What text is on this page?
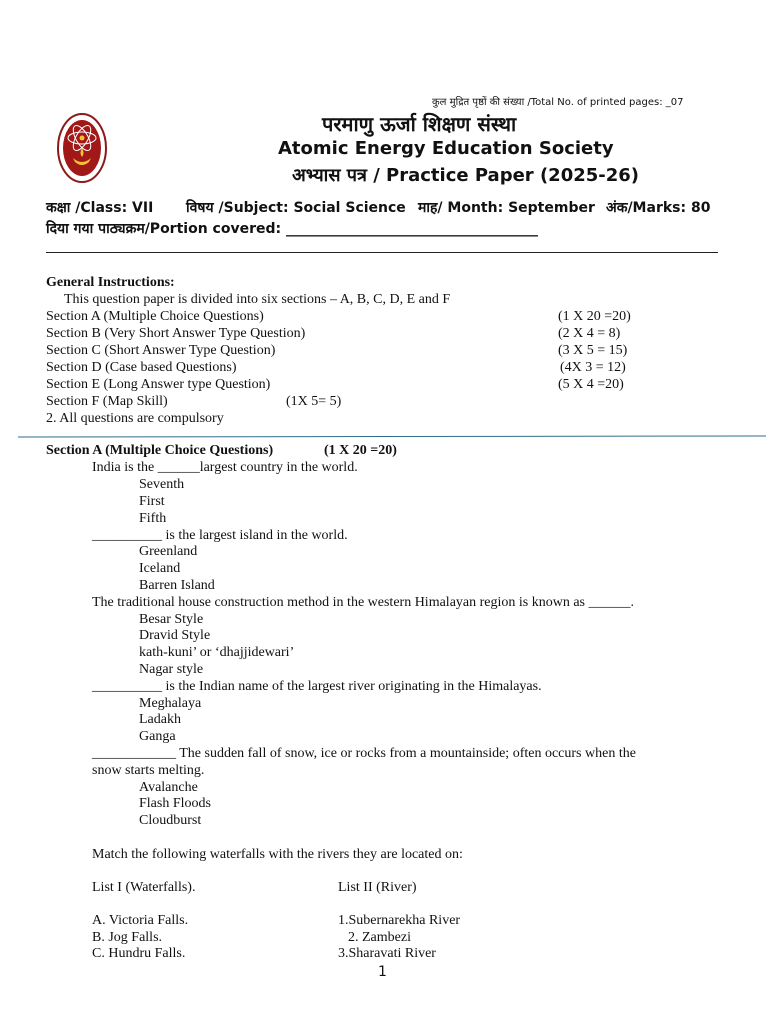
कुल मुद्रित पृष्ठों की संख्या /Total No. of printed pages: _07
परमाणु ऊर्जा शिक्षण संस्था
Atomic Energy Education Society
अभ्यास पत्र / Practice Paper (2025-26)
कक्षा /Class: VII विषय /Subject: Social Science माह/ Month: September अंक/Marks: 80
दिया गया पाठ्यक्रम/Portion covered: ____________________________________
General Instructions:
This question paper is divided into six sections – A, B, C, D, E and F
Section A (Multiple Choice Questions)	(1 X 20 =20)
Section B (Very Short Answer Type Question)	(2 X 4 = 8)
Section C (Short Answer Type Question)	(3 X 5 = 15)
Section D (Case based Questions)	(4X 3 = 12)
Section E (Long Answer type Question)	(5 X 4 =20)
Section F (Map Skill)	(1X 5= 5)
2. All questions are compulsory
Section A (Multiple Choice Questions)	(1 X 20 =20)
India is the ______largest country in the world.
Seventh
First
Fifth
__________ is the largest island in the world.
Greenland
Iceland
Barren Island
The traditional house construction method in the western Himalayan region is known as ______.
Besar Style
Dravid Style
kath-kuni’ or ‘dhajjidewari’
Nagar style
__________ is the Indian name of the largest river originating in the Himalayas.
Meghalaya
Ladakh
Ganga
____________ The sudden fall of snow, ice or rocks from a mountainside; often occurs when the
snow starts melting.
Avalanche
Flash Floods
Cloudburst
Match the following waterfalls with the rivers they are located on:
List I (Waterfalls).	List II (River)
A. Victoria Falls.	1.Subernarekha River
B. Jog Falls.	2. Zambezi
C. Hundru Falls.	3.Sharavati River
1
